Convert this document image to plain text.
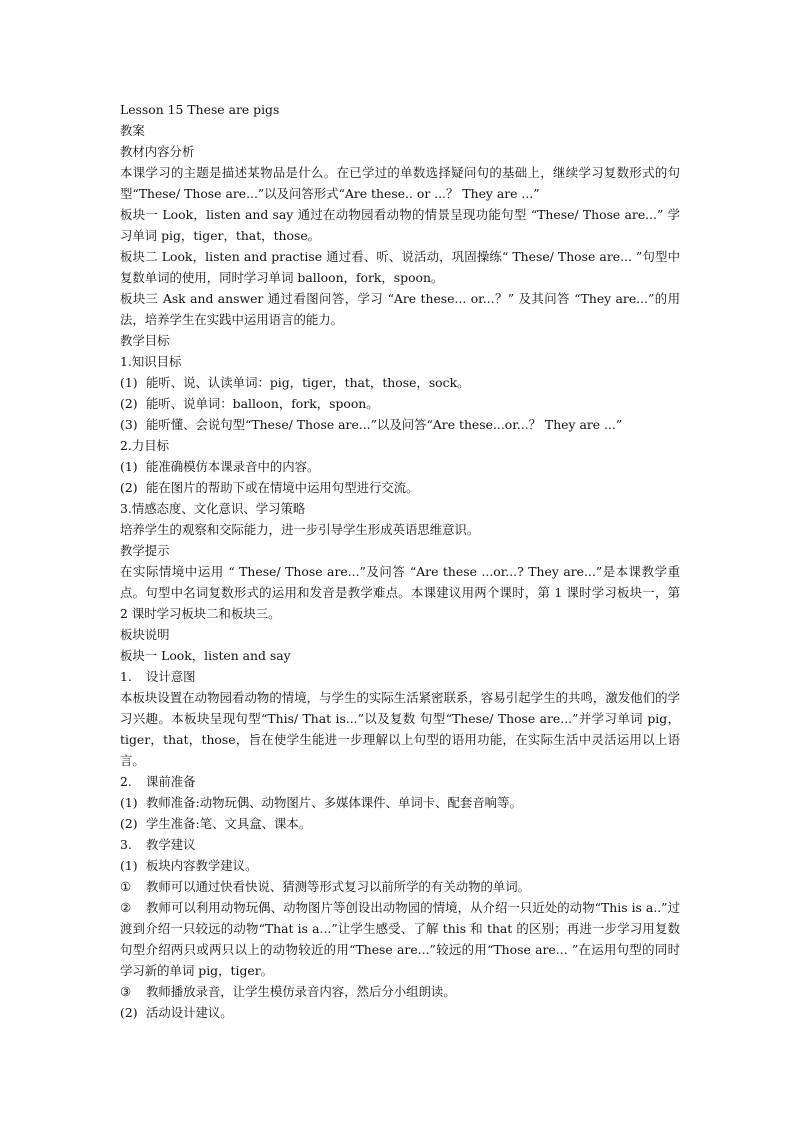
Lesson 15 These are pigs
教案
教材内容分析
本课学习的主题是描述某物品是什么。在已学过的单数选择疑问句的基础上，继续学习复数形式的句型“These/ Those are...”以及问答形式“Are these.. or ...？ They are ...”
板块一 Look，listen and say 通过在动物园看动物的情景呈现功能句型 “These/ Those are...” 学习单词 pig，tiger，that，those。
板块二 Look，listen and practise 通过看、听、说活动，巩固操练“ These/ Those are... ”句型中复数单词的使用，同时学习单词 balloon，fork，spoon。
板块三 Ask and answer 通过看图问答，学习 “Are these... or...？” 及其问答 “They are...”的用法，培养学生在实践中运用语言的能力。
教学目标
1.知识目标
(1) 能听、说、认读单词：pig，tiger，that，those，sock。
(2) 能听、说单词：balloon，fork，spoon。
(3) 能听懂、会说句型“These/ Those are...”以及问答“Are these...or...？ They are ...”
2.力目标
(1) 能准确模仿本课录音中的内容。
(2) 能在图片的帮助下或在情境中运用句型进行交流。
3.情感态度、文化意识、学习策略
培养学生的观察和交际能力，进一步引导学生形成英语思维意识。
教学提示
在实际情境中运用 “ These/ Those are...”及问答 “Are these ...or...? They are...”是本课教学重点。句型中名词复数形式的运用和发音是教学难点。本课建议用两个课时，第 1 课时学习板块一，第 2 课时学习板块二和板块三。
板块说明
板块一 Look，listen and say
1. 设计意图
本板块设置在动物园看动物的情境，与学生的实际生活紧密联系，容易引起学生的共鸣，激发他们的学习兴趣。本板块呈现句型“This/ That is...”以及复数 句型“These/ Those are...”并学习单词 pig，tiger，that，those，旨在使学生能进一步理解以上句型的语用功能，在实际生活中灵活运用以上语言。
2. 课前准备
(1) 教师准备:动物玩偶、动物图片、多媒体课件、单词卡、配套音响等。
(2) 学生准备:笔、文具盒、课本。
3. 教学建议
(1) 板块内容教学建议。
① 教师可以通过快看快说、猜测等形式复习以前所学的有关动物的单词。
② 教师可以利用动物玩偶、动物图片等创设出动物园的情境，从介绍一只近处的动物“This is a..”过渡到介绍一只较远的动物“That is a...”让学生感受、了解 this 和 that 的区别；再进一步学习用复数句型介绍两只或两只以上的动物较近的用“These are...”较远的用“Those are... ”在运用句型的同时学习新的单词 pig，tiger。
③ 教师播放录音，让学生模仿录音内容，然后分小组朗读。
(2) 活动设计建议。
